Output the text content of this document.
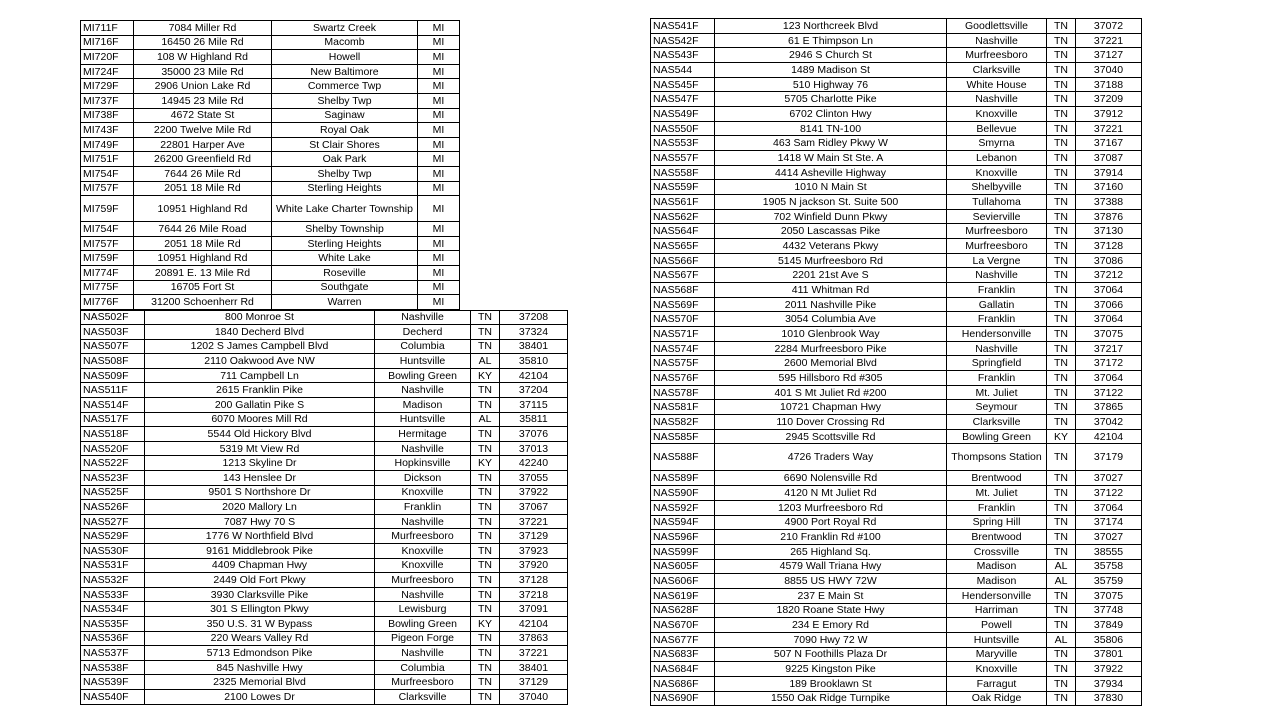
MI711F	7084 Miller Rd	Swartz Creek	MI
MI716F	16450 26 Mile Rd	Macomb	MI
MI720F	108 W Highland Rd	Howell	MI
MI724F	35000 23 Mile Rd	New Baltimore	MI
MI729F	2906 Union Lake Rd	Commerce Twp	MI
MI737F	14945 23 Mile Rd	Shelby Twp	MI
MI738F	4672 State St	Saginaw	MI
MI743F	2200 Twelve Mile Rd	Royal Oak	MI
MI749F	22801 Harper Ave	St Clair Shores	MI
MI751F	26200 Greenfield Rd	Oak Park	MI
MI754F	7644 26 Mile Rd	Shelby Twp	MI
MI757F	2051 18 Mile Rd	Sterling Heights	MI
MI759F	10951 Highland Rd	White Lake Charter Township	MI
MI754F	7644 26 Mile Road	Shelby Township	MI
MI757F	2051 18 Mile Rd	Sterling Heights	MI
MI759F	10951 Highland Rd	White Lake	MI
MI774F	20891 E. 13 Mile Rd	Roseville	MI
MI775F	16705 Fort St	Southgate	MI
MI776F	31200 Schoenherr Rd	Warren	MI
NAS502F	800 Monroe St	Nashville	TN	37208
NAS503F	1840 Decherd Blvd	Decherd	TN	37324
NAS507F	1202 S James Campbell Blvd	Columbia	TN	38401
NAS508F	2110 Oakwood Ave NW	Huntsville	AL	35810
NAS509F	711 Campbell Ln	Bowling Green	KY	42104
NAS511F	2615 Franklin Pike	Nashville	TN	37204
NAS514F	200 Gallatin Pike S	Madison	TN	37115
NAS517F	6070 Moores Mill Rd	Huntsville	AL	35811
NAS518F	5544 Old Hickory Blvd	Hermitage	TN	37076
NAS520F	5319 Mt View Rd	Nashville	TN	37013
NAS522F	1213 Skyline Dr	Hopkinsville	KY	42240
NAS523F	143 Henslee Dr	Dickson	TN	37055
NAS525F	9501 S Northshore Dr	Knoxville	TN	37922
NAS526F	2020 Mallory Ln	Franklin	TN	37067
NAS527F	7087 Hwy 70 S	Nashville	TN	37221
NAS529F	1776 W Northfield Blvd	Murfreesboro	TN	37129
NAS530F	9161 Middlebrook Pike	Knoxville	TN	37923
NAS531F	4409 Chapman Hwy	Knoxville	TN	37920
NAS532F	2449 Old Fort Pkwy	Murfreesboro	TN	37128
NAS533F	3930 Clarksville Pike	Nashville	TN	37218
NAS534F	301 S Ellington Pkwy	Lewisburg	TN	37091
NAS535F	350 U.S. 31 W Bypass	Bowling Green	KY	42104
NAS536F	220 Wears Valley Rd	Pigeon Forge	TN	37863
NAS537F	5713 Edmondson Pike	Nashville	TN	37221
NAS538F	845 Nashville Hwy	Columbia	TN	38401
NAS539F	2325 Memorial Blvd	Murfreesboro	TN	37129
NAS540F	2100 Lowes Dr	Clarksville	TN	37040
NAS541F	123 Northcreek Blvd	Goodlettsville	TN	37072
NAS542F	61 E Thimpson Ln	Nashville	TN	37221
NAS543F	2946 S Church St	Murfreesboro	TN	37127
NAS544	1489 Madison St	Clarksville	TN	37040
NAS545F	510 Highway 76	White House	TN	37188
NAS547F	5705 Charlotte Pike	Nashville	TN	37209
NAS549F	6702 Clinton Hwy	Knoxville	TN	37912
NAS550F	8141 TN-100	Bellevue	TN	37221
NAS553F	463 Sam Ridley Pkwy W	Smyrna	TN	37167
NAS557F	1418 W Main St Ste. A	Lebanon	TN	37087
NAS558F	4414 Asheville Highway	Knoxville	TN	37914
NAS559F	1010 N Main St	Shelbyville	TN	37160
NAS561F	1905 N jackson St. Suite 500	Tullahoma	TN	37388
NAS562F	702 Winfield Dunn Pkwy	Sevierville	TN	37876
NAS564F	2050 Lascassas Pike	Murfreesboro	TN	37130
NAS565F	4432 Veterans Pkwy	Murfreesboro	TN	37128
NAS566F	5145 Murfreesboro Rd	La Vergne	TN	37086
NAS567F	2201 21st Ave S	Nashville	TN	37212
NAS568F	411 Whitman Rd	Franklin	TN	37064
NAS569F	2011 Nashville Pike	Gallatin	TN	37066
NAS570F	3054 Columbia Ave	Franklin	TN	37064
NAS571F	1010 Glenbrook Way	Hendersonville	TN	37075
NAS574F	2284 Murfreesboro Pike	Nashville	TN	37217
NAS575F	2600 Memorial Blvd	Springfield	TN	37172
NAS576F	595 Hillsboro Rd #305	Franklin	TN	37064
NAS578F	401 S Mt Juliet Rd #200	Mt. Juliet	TN	37122
NAS581F	10721 Chapman Hwy	Seymour	TN	37865
NAS582F	110 Dover Crossing Rd	Clarksville	TN	37042
NAS585F	2945 Scottsville Rd	Bowling Green	KY	42104
NAS588F	4726 Traders Way	Thompsons Station	TN	37179
NAS589F	6690 Nolensville Rd	Brentwood	TN	37027
NAS590F	4120 N Mt Juliet Rd	Mt. Juliet	TN	37122
NAS592F	1203 Murfreesboro Rd	Franklin	TN	37064
NAS594F	4900 Port Royal Rd	Spring Hill	TN	37174
NAS596F	210 Franklin Rd #100	Brentwood	TN	37027
NAS599F	265 Highland Sq.	Crossville	TN	38555
NAS605F	4579 Wall Triana Hwy	Madison	AL	35758
NAS606F	8855 US HWY 72W	Madison	AL	35759
NAS619F	237 E Main St	Hendersonville	TN	37075
NAS628F	1820 Roane State Hwy	Harriman	TN	37748
NAS670F	234 E Emory Rd	Powell	TN	37849
NAS677F	7090 Hwy 72 W	Huntsville	AL	35806
NAS683F	507 N Foothills Plaza Dr	Maryville	TN	37801
NAS684F	9225 Kingston Pike	Knoxville	TN	37922
NAS686F	189 Brooklawn St	Farragut	TN	37934
NAS690F	1550 Oak Ridge Turnpike	Oak Ridge	TN	37830
